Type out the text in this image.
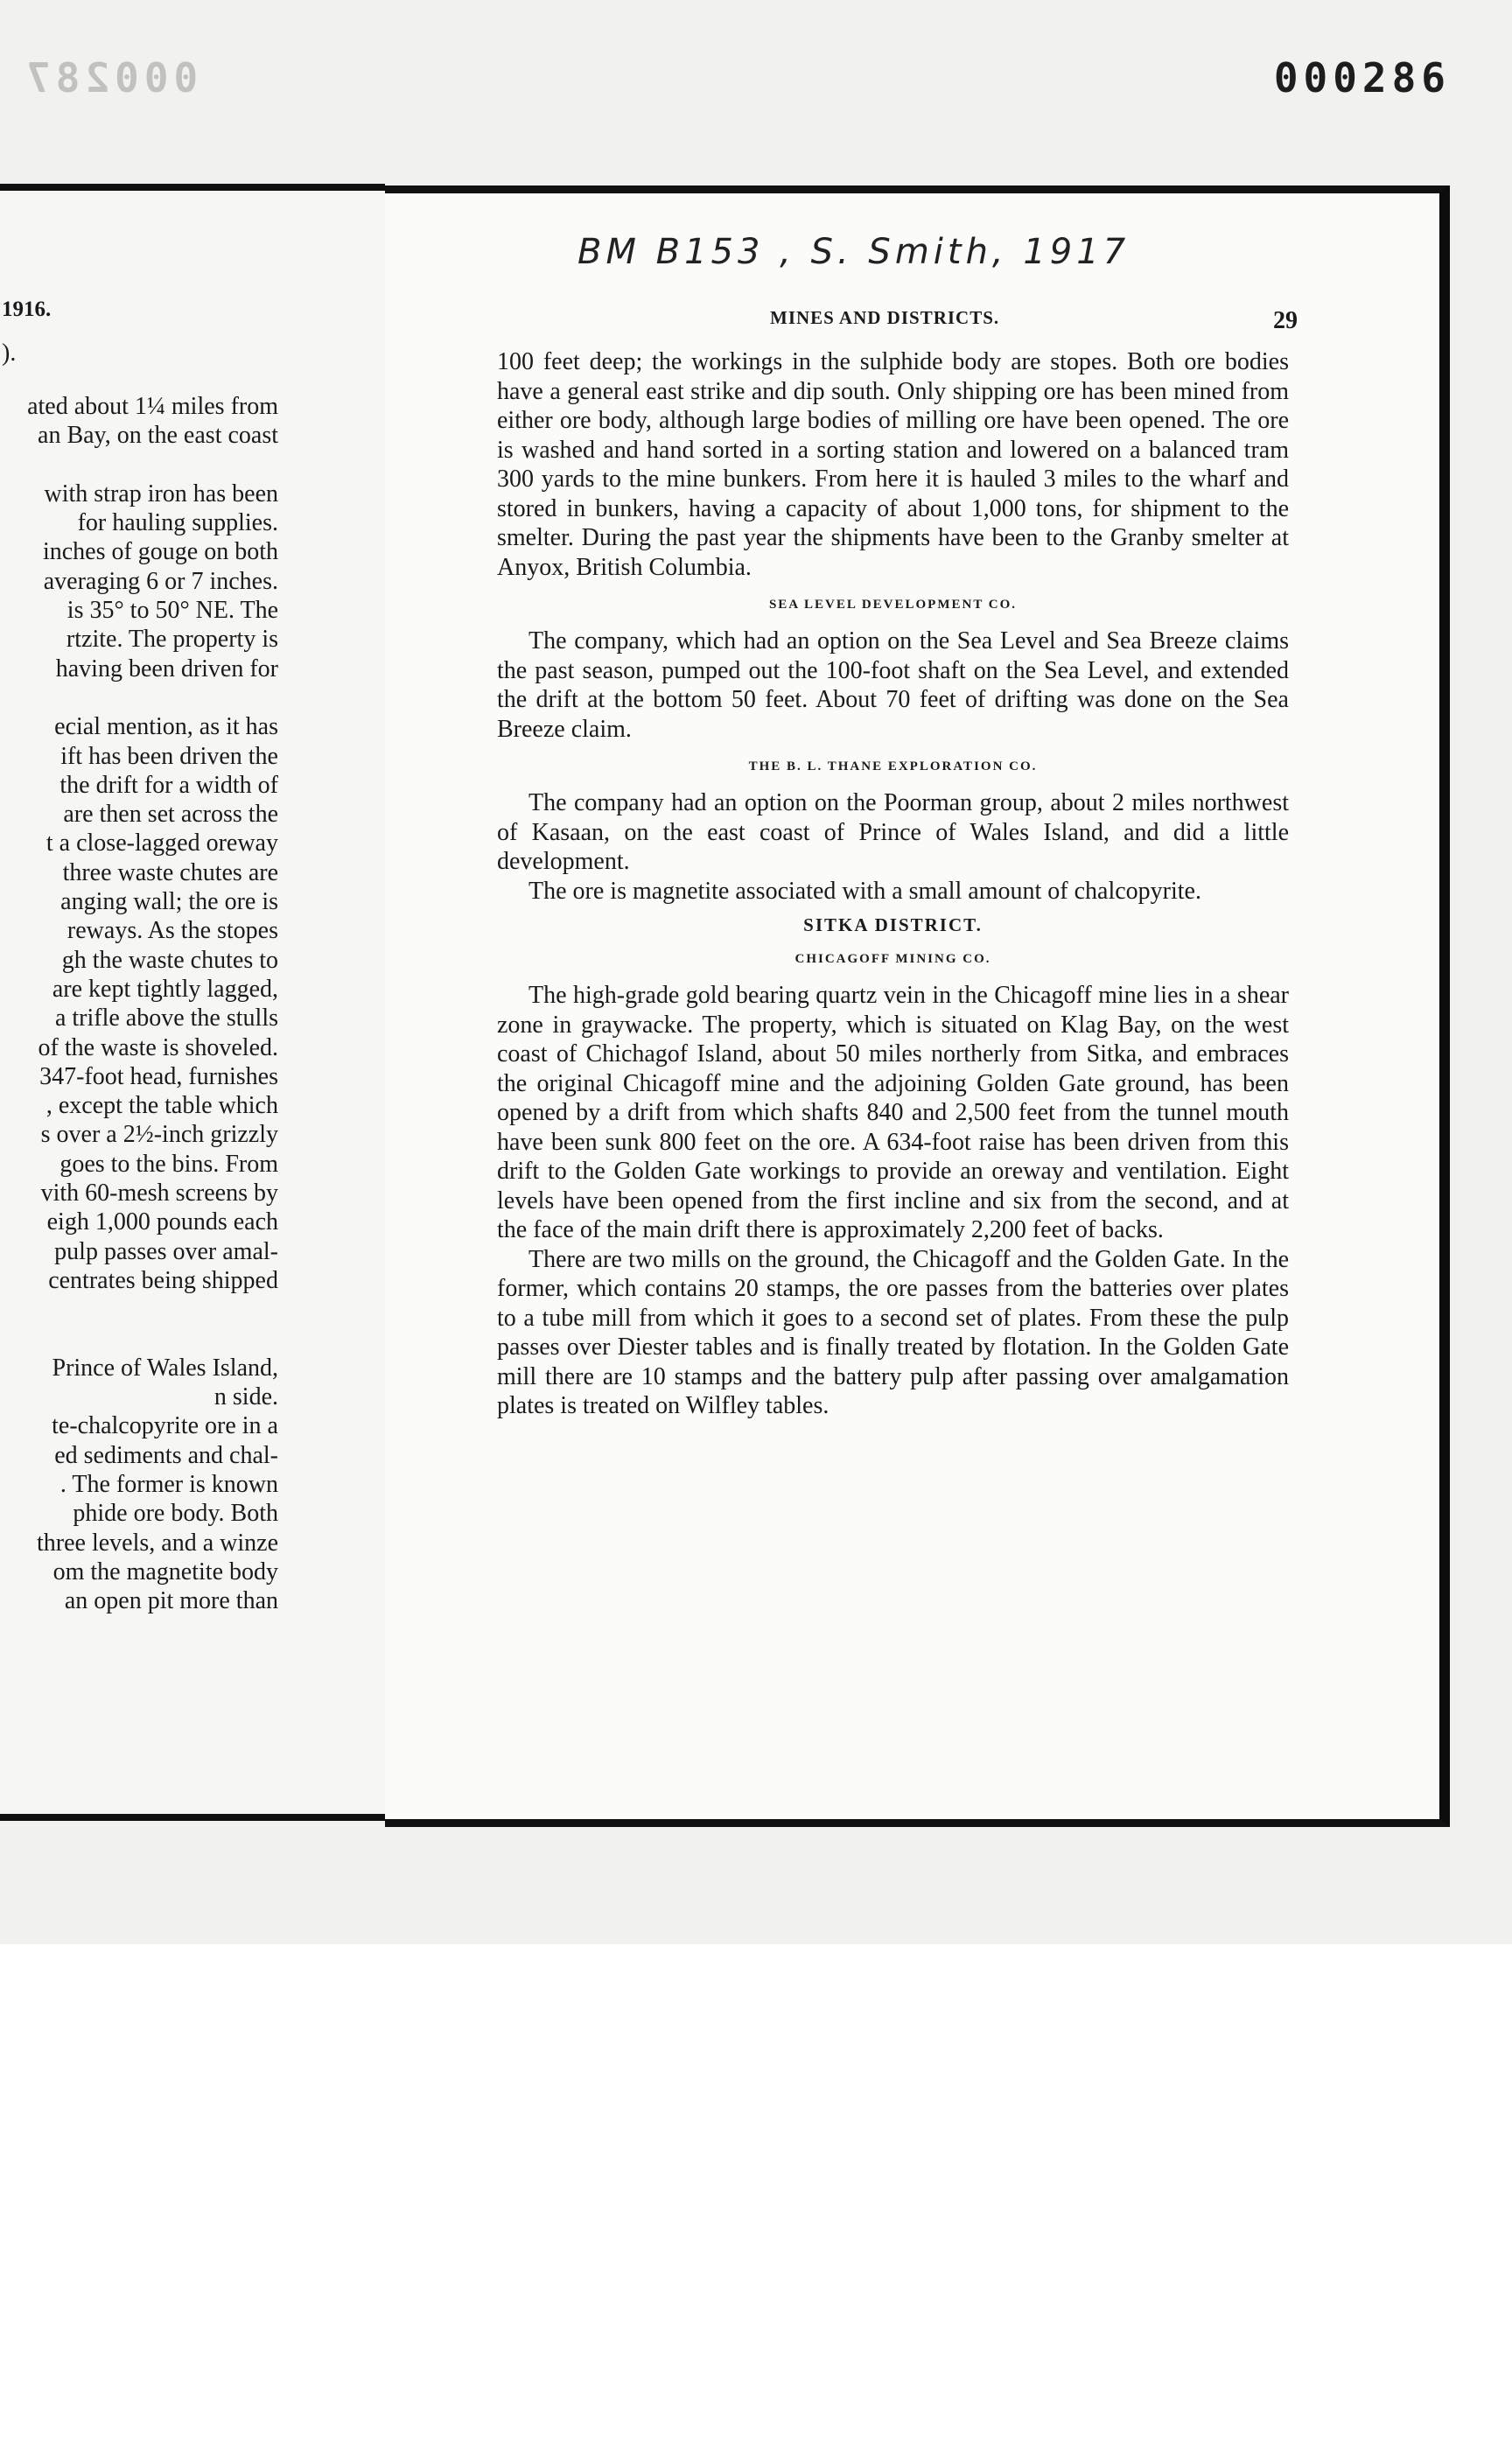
000287	000286
1916.
).
ated about 1¼ miles from
an Bay, on the east coast
with strap iron has been
for hauling supplies.
inches of gouge on both
averaging 6 or 7 inches.
is 35° to 50° NE. The
rtzite. The property is
having been driven for
ecial mention, as it has
ift has been driven the
the drift for a width of
are then set across the
t a close-lagged oreway
three waste chutes are
anging wall; the ore is
reways. As the stopes
gh the waste chutes to
are kept tightly lagged,
a trifle above the stulls
of the waste is shoveled.
347-foot head, furnishes
, except the table which
s over a 2½-inch grizzly
goes to the bins. From
vith 60-mesh screens by
eigh 1,000 pounds each
pulp passes over amal-
centrates being shipped
Prince of Wales Island,
n side.
te-chalcopyrite ore in a
ed sediments and chal-
. The former is known
phide ore body. Both
three levels, and a winze
om the magnetite body
an open pit more than
BM B153 , S. Smith, 1917
MINES AND DISTRICTS.	29

100 feet deep; the workings in the sulphide body are stopes. Both ore bodies have a general east strike and dip south. Only shipping ore has been mined from either ore body, although large bodies of milling ore have been opened. The ore is washed and hand sorted in a sorting station and lowered on a balanced tram 300 yards to the mine bunkers. From here it is hauled 3 miles to the wharf and stored in bunkers, having a capacity of about 1,000 tons, for shipment to the smelter. During the past year the shipments have been to the Granby smelter at Anyox, British Columbia.

SEA LEVEL DEVELOPMENT CO.

The company, which had an option on the Sea Level and Sea Breeze claims the past season, pumped out the 100-foot shaft on the Sea Level, and extended the drift at the bottom 50 feet. About 70 feet of drifting was done on the Sea Breeze claim.

THE B. L. THANE EXPLORATION CO.

The company had an option on the Poorman group, about 2 miles northwest of Kasaan, on the east coast of Prince of Wales Island, and did a little development.

The ore is magnetite associated with a small amount of chalcopyrite.

SITKA DISTRICT.
CHICAGOFF MINING CO.

The high-grade gold bearing quartz vein in the Chicagoff mine lies in a shear zone in graywacke. The property, which is situated on Klag Bay, on the west coast of Chichagof Island, about 50 miles northerly from Sitka, and embraces the original Chicagoff mine and the adjoining Golden Gate ground, has been opened by a drift from which shafts 840 and 2,500 feet from the tunnel mouth have been sunk 800 feet on the ore. A 634-foot raise has been driven from this drift to the Golden Gate workings to provide an oreway and ventilation. Eight levels have been opened from the first incline and six from the second, and at the face of the main drift there is approximately 2,200 feet of backs.

There are two mills on the ground, the Chicagoff and the Golden Gate. In the former, which contains 20 stamps, the ore passes from the batteries over plates to a tube mill from which it goes to a second set of plates. From these the pulp passes over Diester tables and is finally treated by flotation. In the Golden Gate mill there are 10 stamps and the battery pulp after passing over amalgamation plates is treated on Wilfley tables.
